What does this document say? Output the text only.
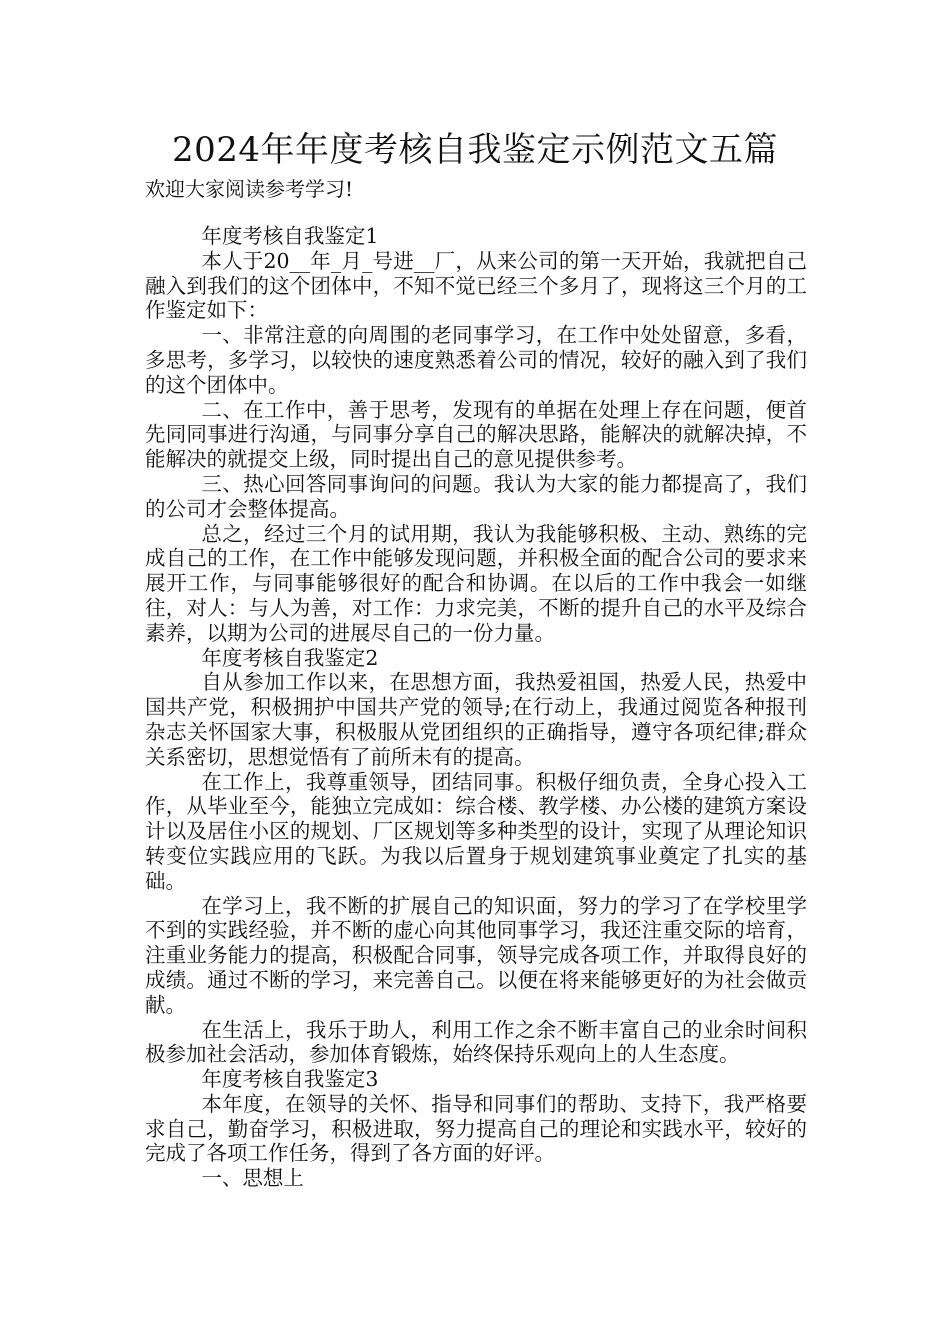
2024年年度考核自我鉴定示例范文五篇
欢迎大家阅读参考学习!

年度考核自我鉴定1

本人于20__年_月_号进__厂，从来公司的第一天开始，我就把自己融入到我们的这个团体中，不知不觉已经三个多月了，现将这三个月的工作鉴定如下：

一、非常注意的向周围的老同事学习，在工作中处处留意，多看，多思考，多学习，以较快的速度熟悉着公司的情况，较好的融入到了我们的这个团体中。

二、在工作中，善于思考，发现有的单据在处理上存在问题，便首先同同事进行沟通，与同事分享自己的解决思路，能解决的就解决掉，不能解决的就提交上级，同时提出自己的意见提供参考。

三、热心回答同事询问的问题。我认为大家的能力都提高了，我们的公司才会整体提高。

总之，经过三个月的试用期，我认为我能够积极、主动、熟练的完成自己的工作，在工作中能够发现问题，并积极全面的配合公司的要求来展开工作，与同事能够很好的配合和协调。在以后的工作中我会一如继往，对人：与人为善，对工作：力求完美，不断的提升自己的水平及综合素养，以期为公司的进展尽自己的一份力量。

年度考核自我鉴定2

自从参加工作以来，在思想方面，我热爱祖国，热爱人民，热爱中国共产党，积极拥护中国共产党的领导;在行动上，我通过阅览各种报刊杂志关怀国家大事，积极服从党团组织的正确指导，遵守各项纪律;群众关系密切，思想觉悟有了前所未有的提高。

在工作上，我尊重领导，团结同事。积极仔细负责，全身心投入工作，从毕业至今，能独立完成如：综合楼、教学楼、办公楼的建筑方案设计以及居住小区的规划、厂区规划等多种类型的设计，实现了从理论知识转变位实践应用的飞跃。为我以后置身于规划建筑事业奠定了扎实的基础。

在学习上，我不断的扩展自己的知识面，努力的学习了在学校里学不到的实践经验，并不断的虚心向其他同事学习，我还注重交际的培育，注重业务能力的提高，积极配合同事，领导完成各项工作，并取得良好的成绩。通过不断的学习，来完善自己。以便在将来能够更好的为社会做贡献。

在生活上，我乐于助人，利用工作之余不断丰富自己的业余时间积极参加社会活动，参加体育锻炼，始终保持乐观向上的人生态度。

年度考核自我鉴定3

本年度，在领导的关怀、指导和同事们的帮助、支持下，我严格要求自己，勤奋学习，积极进取，努力提高自己的理论和实践水平，较好的完成了各项工作任务，得到了各方面的好评。

一、思想上
